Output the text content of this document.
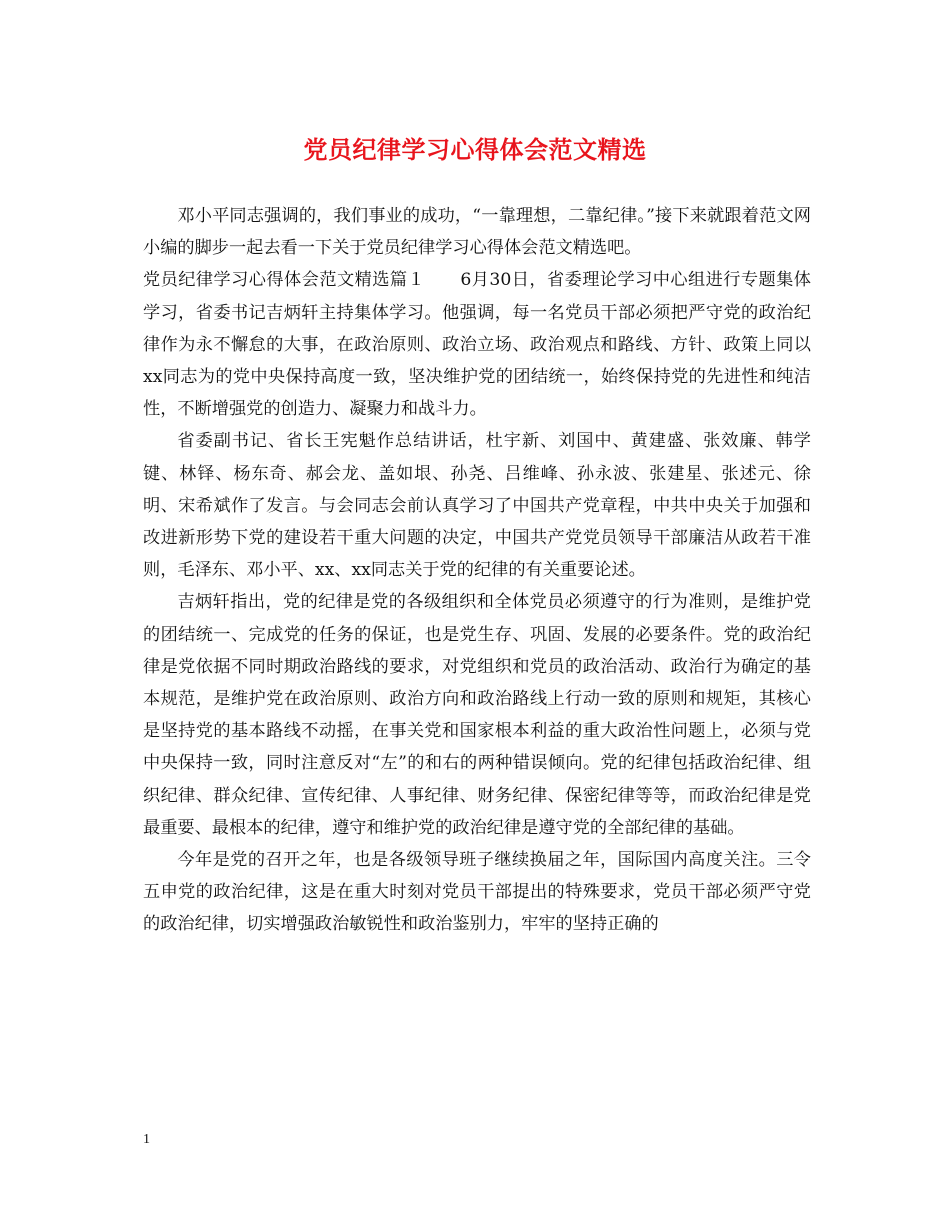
党员纪律学习心得体会范文精选

邓小平同志强调的，我们事业的成功，“一靠理想，二靠纪律。”接下来就跟着范文网小编的脚步一起去看一下关于党员纪律学习心得体会范文精选吧。

党员纪律学习心得体会范文精选篇１　　6月30日，省委理论学习中心组进行专题集体学习，省委书记吉炳轩主持集体学习。他强调，每一名党员干部必须把严守党的政治纪律作为永不懈怠的大事，在政治原则、政治立场、政治观点和路线、方针、政策上同以xx同志为的党中央保持高度一致，坚决维护党的团结统一，始终保持党的先进性和纯洁性，不断增强党的创造力、凝聚力和战斗力。

省委副书记、省长王宪魁作总结讲话，杜宇新、刘国中、黄建盛、张效廉、韩学键、林铎、杨东奇、郝会龙、盖如垠、孙尧、吕维峰、孙永波、张建星、张述元、徐明、宋希斌作了发言。与会同志会前认真学习了中国共产党章程，中共中央关于加强和改进新形势下党的建设若干重大问题的决定，中国共产党党员领导干部廉洁从政若干准则，毛泽东、邓小平、xx、xx同志关于党的纪律的有关重要论述。

吉炳轩指出，党的纪律是党的各级组织和全体党员必须遵守的行为准则，是维护党的团结统一、完成党的任务的保证，也是党生存、巩固、发展的必要条件。党的政治纪律是党依据不同时期政治路线的要求，对党组织和党员的政治活动、政治行为确定的基本规范，是维护党在政治原则、政治方向和政治路线上行动一致的原则和规矩，其核心是坚持党的基本路线不动摇，在事关党和国家根本利益的重大政治性问题上，必须与党中央保持一致，同时注意反对“左”的和右的两种错误倾向。党的纪律包括政治纪律、组织纪律、群众纪律、宣传纪律、人事纪律、财务纪律、保密纪律等等，而政治纪律是党最重要、最根本的纪律，遵守和维护党的政治纪律是遵守党的全部纪律的基础。

今年是党的召开之年，也是各级领导班子继续换届之年，国际国内高度关注。三令五申党的政治纪律，这是在重大时刻对党员干部提出的特殊要求，党员干部必须严守党的政治纪律，切实增强政治敏锐性和政治鉴别力，牢牢的坚持正确的

1
